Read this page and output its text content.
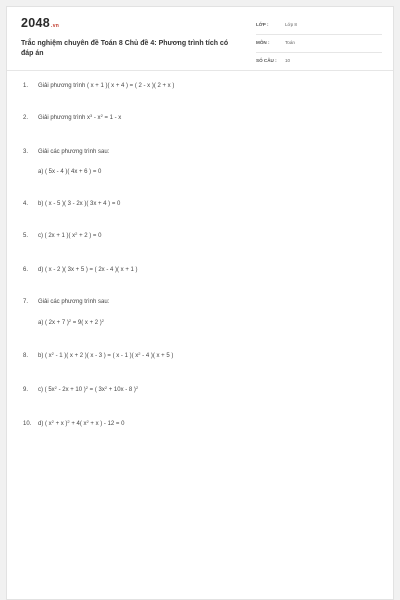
2048.vn
Trắc nghiệm chuyên đề Toán 8 Chủ đề 4: Phương trình tích có đáp án
LỚP :	Lớp 8
MÔN :	Toán
SỐ CÂU : 10
1. Giải phương trình ( x + 1 )( x + 4 ) = ( 2 - x )( 2 + x )
2. Giải phương trình $x^3 - x^2 = 1 - x$
3. Giải các phương trình sau:
a) ( 5x - 4 )( 4x + 6 ) = 0
4. b) ( x - 5 )( 3 - 2x )( 3x + 4 ) = 0
5. c) ( 2x + 1 )( $x^2 + 2$ ) = 0
6. d) ( x - 2 )( 3x + 5 ) = ( 2x - 4 )( x + 1 )
7. Giải các phương trình sau:
a) ( 2x + 7 )$^2$ = 9( x + 2 )$^2$
8. b) ( $x^2 - 1$ )( x + 2 )( x - 3 ) = ( x - 1 )( $x^2 - 4$ )( x + 5 )
9. c) ( $5x^2 - 2x + 10$ )$^2$ = ( $3x^2 + 10x - 8$ )$^2$
10. d) ( $x^2 + x$ )$^2$ + 4( $x^2 + x$ ) - 12 = 0
